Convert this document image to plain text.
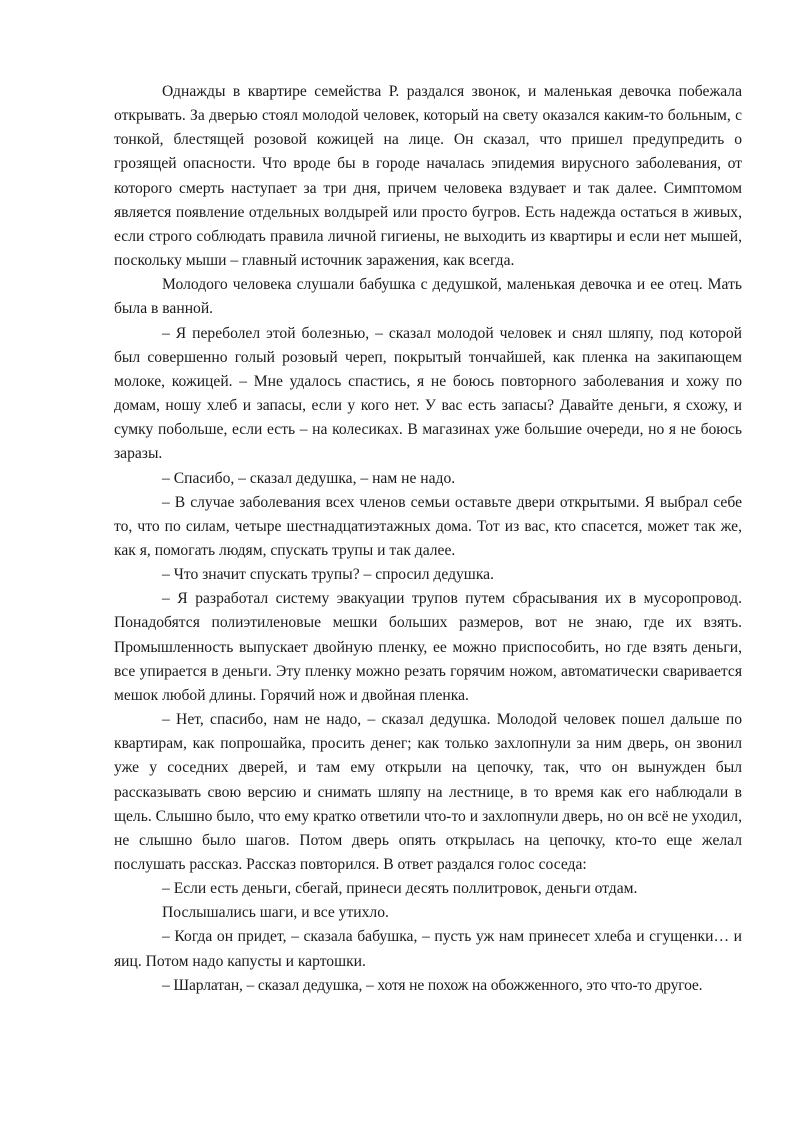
Однажды в квартире семейства Р. раздался звонок, и маленькая девочка побежала открывать. За дверью стоял молодой человек, который на свету оказался каким-то больным, с тонкой, блестящей розовой кожицей на лице. Он сказал, что пришел предупредить о грозящей опасности. Что вроде бы в городе началась эпидемия вирусного заболевания, от которого смерть наступает за три дня, причем человека вздувает и так далее. Симптомом является появление отдельных волдырей или просто бугров. Есть надежда остаться в живых, если строго соблюдать правила личной гигиены, не выходить из квартиры и если нет мышей, поскольку мыши – главный источник заражения, как всегда.

Молодого человека слушали бабушка с дедушкой, маленькая девочка и ее отец. Мать была в ванной.

– Я переболел этой болезнью, – сказал молодой человек и снял шляпу, под которой был совершенно голый розовый череп, покрытый тончайшей, как пленка на закипающем молоке, кожицей. – Мне удалось спастись, я не боюсь повторного заболевания и хожу по домам, ношу хлеб и запасы, если у кого нет. У вас есть запасы? Давайте деньги, я схожу, и сумку побольше, если есть – на колесиках. В магазинах уже большие очереди, но я не боюсь заразы.

– Спасибо, – сказал дедушка, – нам не надо.

– В случае заболевания всех членов семьи оставьте двери открытыми. Я выбрал себе то, что по силам, четыре шестнадцатиэтажных дома. Тот из вас, кто спасется, может так же, как я, помогать людям, спускать трупы и так далее.

– Что значит спускать трупы? – спросил дедушка.

– Я разработал систему эвакуации трупов путем сбрасывания их в мусоропровод. Понадобятся полиэтиленовые мешки больших размеров, вот не знаю, где их взять. Промышленность выпускает двойную пленку, ее можно приспособить, но где взять деньги, все упирается в деньги. Эту пленку можно резать горячим ножом, автоматически сваривается мешок любой длины. Горячий нож и двойная пленка.

– Нет, спасибо, нам не надо, – сказал дедушка. Молодой человек пошел дальше по квартирам, как попрошайка, просить денег; как только захлопнули за ним дверь, он звонил уже у соседних дверей, и там ему открыли на цепочку, так, что он вынужден был рассказывать свою версию и снимать шляпу на лестнице, в то время как его наблюдали в щель. Слышно было, что ему кратко ответили что-то и захлопнули дверь, но он всё не уходил, не слышно было шагов. Потом дверь опять открылась на цепочку, кто-то еще желал послушать рассказ. Рассказ повторился. В ответ раздался голос соседа:

– Если есть деньги, сбегай, принеси десять поллитровок, деньги отдам.

Послышались шаги, и все утихло.

– Когда он придет, – сказала бабушка, – пусть уж нам принесет хлеба и сгущенки… и яиц. Потом надо капусты и картошки.

– Шарлатан, – сказал дедушка, – хотя не похож на обожженного, это что-то другое.
